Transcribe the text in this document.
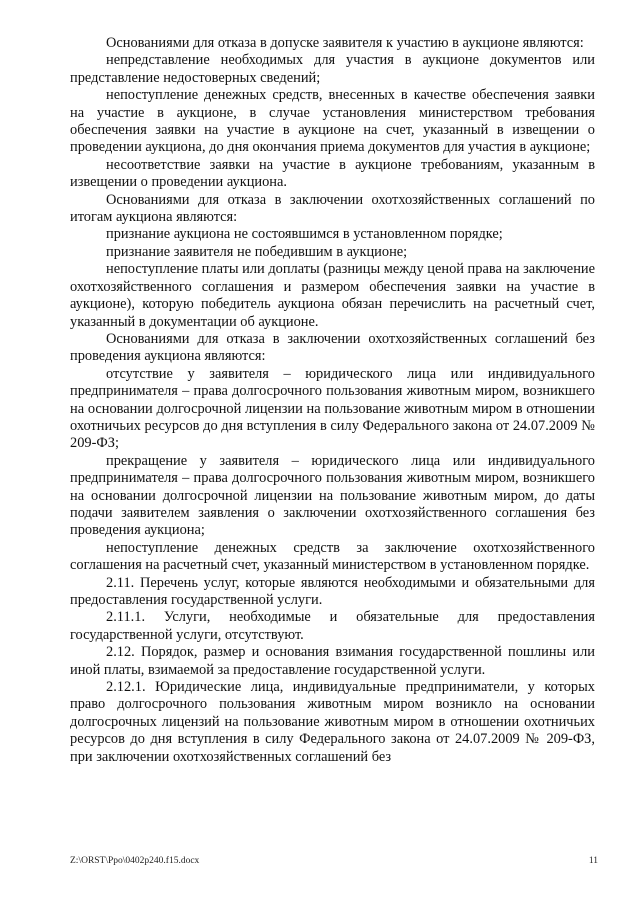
Основаниями для отказа в допуске заявителя к участию в аукционе являются:

непредставление необходимых для участия в аукционе документов или представление недостоверных сведений;

непоступление денежных средств, внесенных в качестве обеспечения заявки на участие в аукционе, в случае установления министерством требования обеспечения заявки на участие в аукционе на счет, указанный в извещении о проведении аукциона, до дня окончания приема документов для участия в аукционе;

несоответствие заявки на участие в аукционе требованиям, указанным в извещении о проведении аукциона.

Основаниями для отказа в заключении охотхозяйственных соглашений по итогам аукциона являются:

признание аукциона не состоявшимся в установленном порядке;

признание заявителя не победившим в аукционе;

непоступление платы или доплаты (разницы между ценой права на заключение охотхозяйственного соглашения и размером обеспечения заявки на участие в аукционе), которую победитель аукциона обязан перечислить на расчетный счет, указанный в документации об аукционе.

Основаниями для отказа в заключении охотхозяйственных соглашений без проведения аукциона являются:

отсутствие у заявителя – юридического лица или индивидуального предпринимателя – права долгосрочного пользования животным миром, возникшего на основании долгосрочной лицензии на пользование животным миром в отношении охотничьих ресурсов до дня вступления в силу Федерального закона от 24.07.2009 № 209-ФЗ;

прекращение у заявителя – юридического лица или индивидуального предпринимателя – права долгосрочного пользования животным миром, возникшего на основании долгосрочной лицензии на пользование животным миром, до даты подачи заявителем заявления о заключении охотхозяйственного соглашения без проведения аукциона;

непоступление денежных средств за заключение охотхозяйственного соглашения на расчетный счет, указанный министерством в установленном порядке.

2.11. Перечень услуг, которые являются необходимыми и обязательными для предоставления государственной услуги.

2.11.1. Услуги, необходимые и обязательные для предоставления государственной услуги, отсутствуют.

2.12. Порядок, размер и основания взимания государственной пошлины или иной платы, взимаемой за предоставление государственной услуги.

2.12.1. Юридические лица, индивидуальные предприниматели, у которых право долгосрочного пользования животным миром возникло на основании долгосрочных лицензий на пользование животным миром в отношении охотничьих ресурсов до дня вступления в силу Федерального закона от 24.07.2009 № 209-ФЗ, при заключении охотхозяйственных соглашений без

Z:\ORST\Ppo\0402p240.f15.docx	11
